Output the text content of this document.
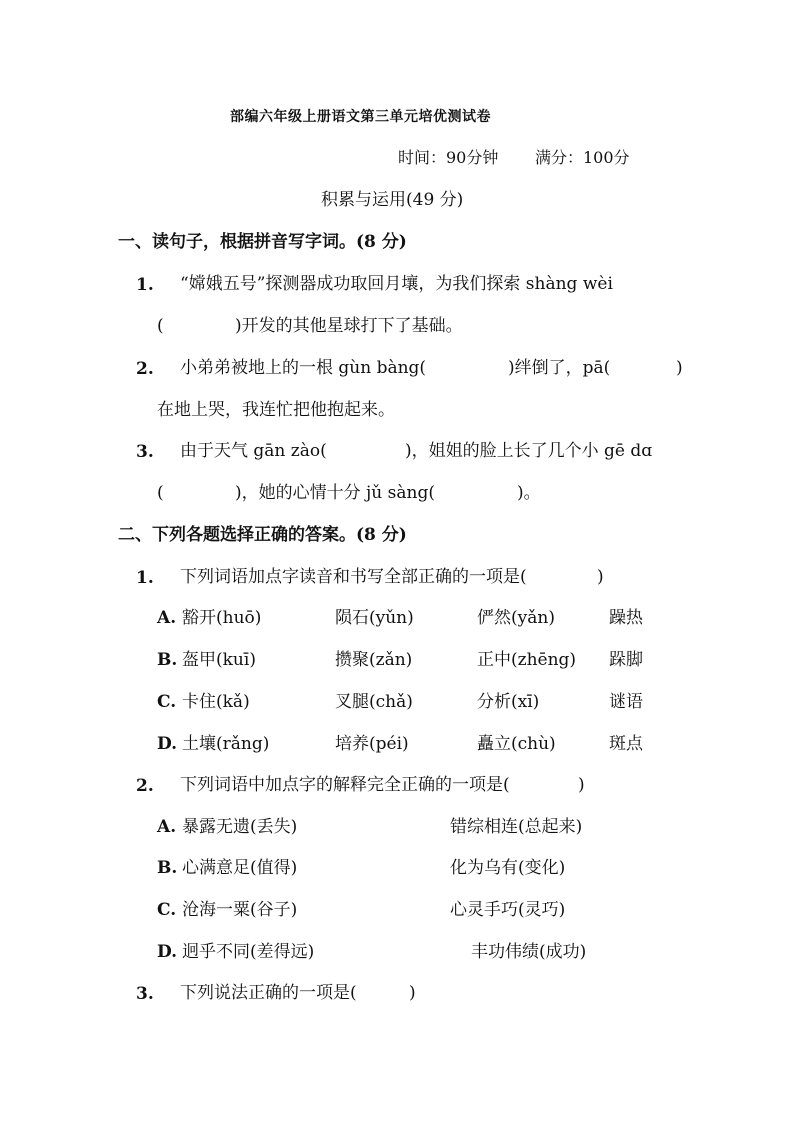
部编六年级上册语文第三单元培优测试卷
时间：90分钟 满分：100分
积累与运用(49 分)
一、读句子，根据拼音写字词。(8 分)
1. “嫦娥五号”探测器成功取回月壤，为我们探索 shàng wèi
(	)开发的其他星球打下了基础。
2. 小弟弟被地上的一根 gùn bàng(	)绊倒了，pā(	)
在地上哭，我连忙把他抱起来。
3. 由于天气 gān zào(	)，姐姐的脸上长了几个小 gē dɑ
(	)，她的心情十分 jǔ sàng(	)。
二、下列各题选择正确的答案。(8 分)
1. 下列词语加点字读音和书写全部正确的一项是(	)
A. 豁开(huō)	陨石(yǔn)	俨然(yǎn)	躁热
B. 盔甲(kuī)	攒聚(zǎn)	正中(zhēng) 跺脚
C. 卡住(kǎ)	叉腿(chǎ)	分析(xī)	谜语
D. 土壤(rǎng)	培养(péi)	矗立(chù)	斑点
2. 下列词语中加点字的解释完全正确的一项是(	)
A. 暴露无遗(丢失)	错综相连(总起来)
B. 心满意足(值得)	化为乌有(变化)
C. 沧海一粟(谷子)	心灵手巧(灵巧)
D. 迥乎不同(差得远)	丰功伟绩(成功)
3. 下列说法正确的一项是(	)
